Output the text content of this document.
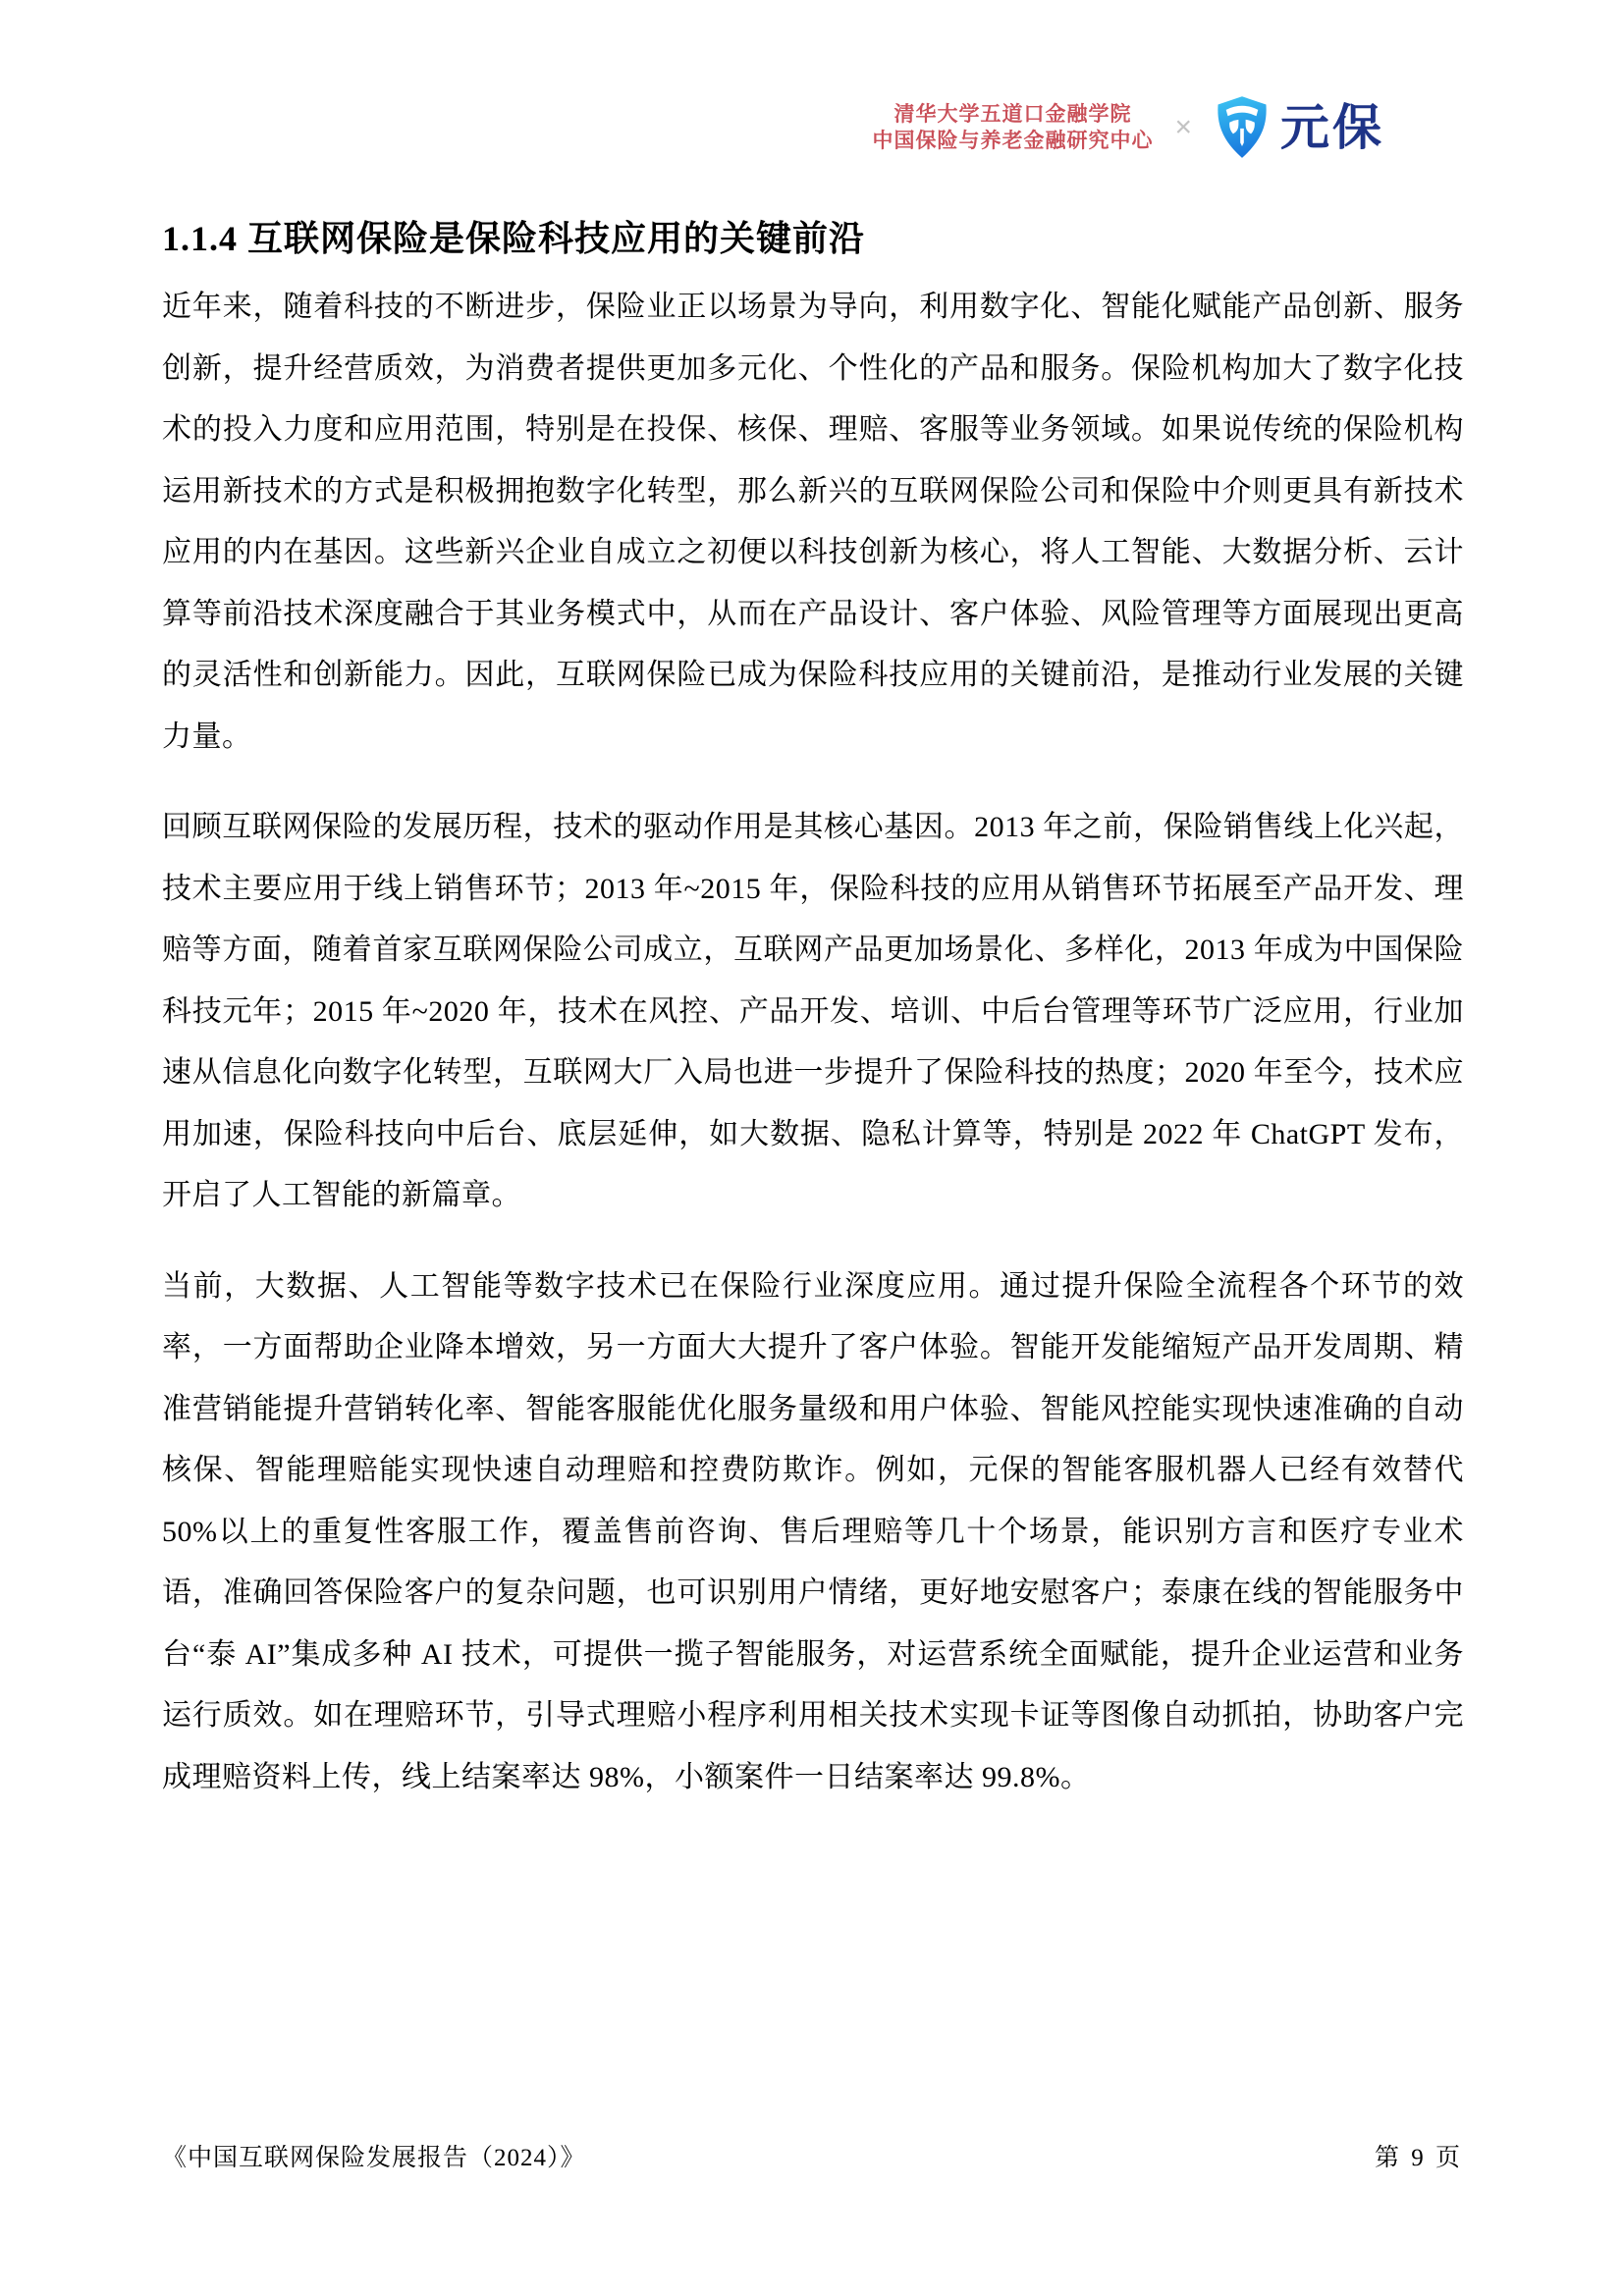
清华大学五道口金融学院
中国保险与养老金融研究中心 × 元保
1.1.4 互联网保险是保险科技应用的关键前沿

近年来，随着科技的不断进步，保险业正以场景为导向，利用数字化、智能化赋能产品创新、服务创新，提升经营质效，为消费者提供更加多元化、个性化的产品和服务。保险机构加大了数字化技术的投入力度和应用范围，特别是在投保、核保、理赔、客服等业务领域。如果说传统的保险机构运用新技术的方式是积极拥抱数字化转型，那么新兴的互联网保险公司和保险中介则更具有新技术应用的内在基因。这些新兴企业自成立之初便以科技创新为核心，将人工智能、大数据分析、云计算等前沿技术深度融合于其业务模式中，从而在产品设计、客户体验、风险管理等方面展现出更高的灵活性和创新能力。因此，互联网保险已成为保险科技应用的关键前沿，是推动行业发展的关键力量。

回顾互联网保险的发展历程，技术的驱动作用是其核心基因。2013 年之前，保险销售线上化兴起，技术主要应用于线上销售环节；2013 年~2015 年，保险科技的应用从销售环节拓展至产品开发、理赔等方面，随着首家互联网保险公司成立，互联网产品更加场景化、多样化，2013 年成为中国保险科技元年；2015 年~2020 年，技术在风控、产品开发、培训、中后台管理等环节广泛应用，行业加速从信息化向数字化转型，互联网大厂入局也进一步提升了保险科技的热度；2020 年至今，技术应用加速，保险科技向中后台、底层延伸，如大数据、隐私计算等，特别是 2022 年 ChatGPT 发布，开启了人工智能的新篇章。

当前，大数据、人工智能等数字技术已在保险行业深度应用。通过提升保险全流程各个环节的效率，一方面帮助企业降本增效，另一方面大大提升了客户体验。智能开发能缩短产品开发周期、精准营销能提升营销转化率、智能客服能优化服务量级和用户体验、智能风控能实现快速准确的自动核保、智能理赔能实现快速自动理赔和控费防欺诈。例如，元保的智能客服机器人已经有效替代 50%以上的重复性客服工作，覆盖售前咨询、售后理赔等几十个场景，能识别方言和医疗专业术语，准确回答保险客户的复杂问题，也可识别用户情绪，更好地安慰客户；泰康在线的智能服务中台“泰 AI”集成多种 AI 技术，可提供一揽子智能服务，对运营系统全面赋能，提升企业运营和业务运行质效。如在理赔环节，引导式理赔小程序利用相关技术实现卡证等图像自动抓拍，协助客户完成理赔资料上传，线上结案率达 98%，小额案件一日结案率达 99.8%。

《中国互联网保险发展报告（2024）》	第 9 页
